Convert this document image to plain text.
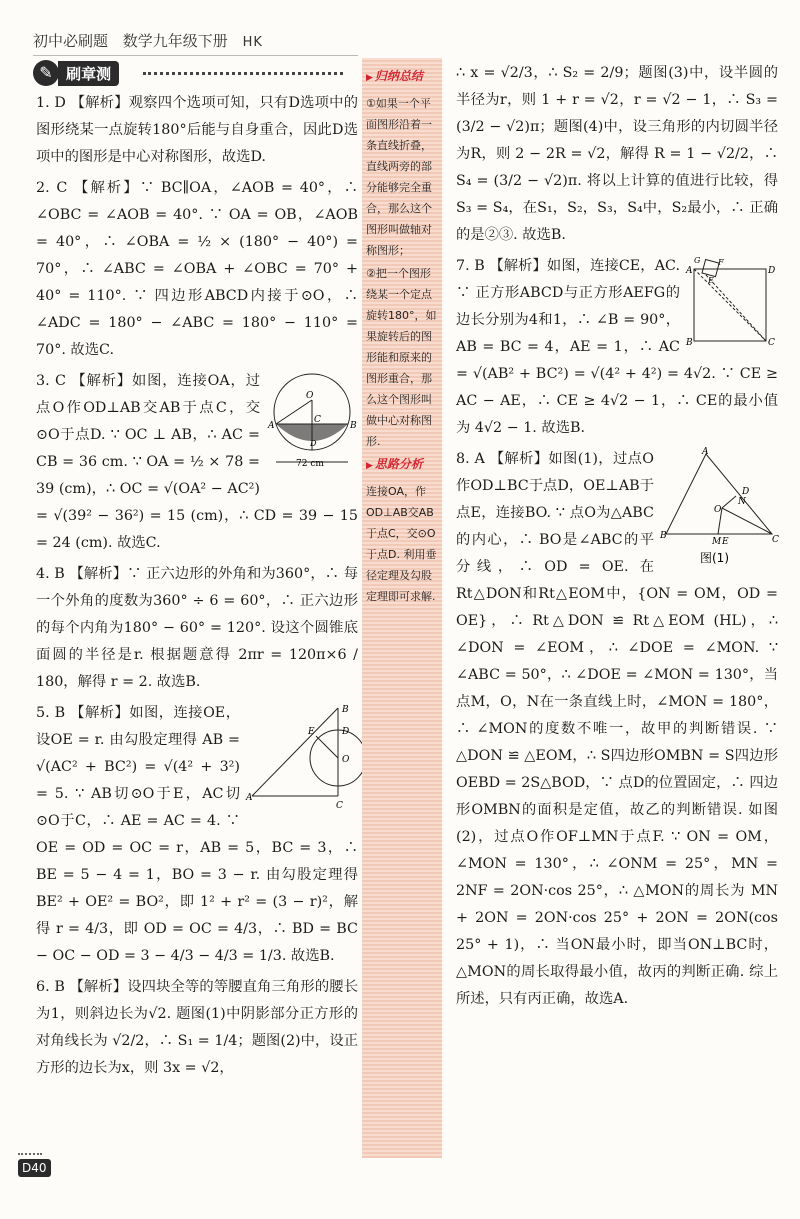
初中必刷题 数学九年级下册 HK
✎ 刷章测

1. D 【解析】观察四个选项可知，只有D选项中的图形绕某一点旋转180°后能与自身重合，因此D选项中的图形是中心对称图形，故选D.

2. C 【解析】∵ BC∥OA，∠AOB = 40°，∴ ∠OBC = ∠AOB = 40°. ∵ OA = OB，∠AOB = 40°，∴ ∠OBA = ½ × (180° − 40°) = 70°，∴ ∠ABC = ∠OBA + ∠OBC = 70° + 40° = 110°. ∵ 四边形ABCD内接于⊙O，∴ ∠ADC = 180° − ∠ABC = 180° − 110° = 70°. 故选C.

O
A	B
C
D
72 cm

3. C 【解析】如图，连接OA，过点O作OD⊥AB交AB于点C，交⊙O于点D. ∵ OC ⊥ AB，∴ AC = CB = 36 cm. ∵ OA = ½ × 78 = 39 (cm)，∴ OC = √(OA² − AC²) = √(39² − 36²) = 15 (cm)，∴ CD = 39 − 15 = 24 (cm). 故选C.

4. B 【解析】∵ 正六边形的外角和为360°，∴ 每一个外角的度数为360° ÷ 6 = 60°，∴ 正六边形的每个内角为180° − 60° = 120°. 设这个圆锥底面圆的半径是r. 根据题意得 2πr = 120π×6 / 180，解得 r = 2. 故选B.

A
B
C
D
E
O

5. B 【解析】如图，连接OE，设OE = r. 由勾股定理得 AB = √(AC² + BC²) = √(4² + 3²) = 5. ∵ AB切⊙O于E，AC切⊙O于C，∴ AE = AC = 4. ∵ OE = OD = OC = r，AB = 5，BC = 3，∴ BE = 5 − 4 = 1，BO = 3 − r. 由勾股定理得 BE² + OE² = BO²，即 1² + r² = (3 − r)²，解得 r = 4/3，即 OD = OC = 4/3，∴ BD = BC − OC − OD = 3 − 4/3 − 4/3 = 1/3. 故选B.

6. B 【解析】设四块全等的等腰直角三角形的腰长为1，则斜边长为√2. 题图(1)中阴影部分正方形的对角线长为 √2/2，∴ S₁ = 1/4；题图(2)中，设正方形的边长为x，则 3x = √2，

▶ 归纳总结

①如果一个平面图形沿着一条直线折叠，直线两旁的部分能够完全重合，那么这个图形叫做轴对称图形；

②把一个图形绕某一个定点旋转180°，如果旋转后的图形能和原来的图形重合，那么这个图形叫做中心对称图形.

▶ 思路分析

连接OA，作OD⊥AB交AB于点C，交⊙O于点D. 利用垂径定理及勾股定理即可求解.

∴ x = √2/3，∴ S₂ = 2/9；题图(3)中，设半圆的半径为r，则 1 + r = √2，r = √2 − 1，∴ S₃ = (3/2 − √2)π；题图(4)中，设三角形的内切圆半径为R，则 2 − 2R = √2，解得 R = 1 − √2/2，∴ S₄ = (3/2 − √2)π. 将以上计算的值进行比较，得 S₃ = S₄，在S₁，S₂，S₃，S₄中，S₂最小，∴ 正确的是②③. 故选B.

A
B	C
D
E
F
G

7. B 【解析】如图，连接CE，AC. ∵ 正方形ABCD与正方形AEFG的边长分别为4和1，∴ ∠B = 90°，AB = BC = 4，AE = 1，∴ AC = √(AB² + BC²) = √(4² + 4²) = 4√2. ∵ CE ≥ AC − AE，∴ CE ≥ 4√2 − 1，∴ CE的最小值为 4√2 − 1. 故选B.

A
B	C
D
E
M
N
O
图(1)

8. A 【解析】如图(1)，过点O作OD⊥BC于点D，OE⊥AB于点E，连接BO. ∵ 点O为△ABC的内心，∴ BO是∠ABC的平分线，∴ OD = OE. 在Rt△DON和Rt△EOM中，{ON = OM，OD = OE}，∴ Rt△DON ≌ Rt△EOM (HL)，∴ ∠DON = ∠EOM，∴ ∠DOE = ∠MON. ∵ ∠ABC = 50°，∴ ∠DOE = ∠MON = 130°，当点M，O，N在一条直线上时，∠MON = 180°，∴ ∠MON的度数不唯一，故甲的判断错误. ∵ △DON ≌ △EOM，∴ S四边形OMBN = S四边形OEBD = 2S△BOD，∵ 点D的位置固定，∴ 四边形OMBN的面积是定值，故乙的判断错误. 如图(2)，过点O作OF⊥MN于点F. ∵ ON = OM，∠MON = 130°，∴ ∠ONM = 25°，MN = 2NF = 2ON·cos 25°，∴ △MON的周长为 MN + 2ON = 2ON·cos 25° + 2ON = 2ON(cos 25° + 1)，∴ 当ON最小时，即当ON⊥BC时，△MON的周长取得最小值，故丙的判断正确. 综上所述，只有丙正确，故选A.

D40
